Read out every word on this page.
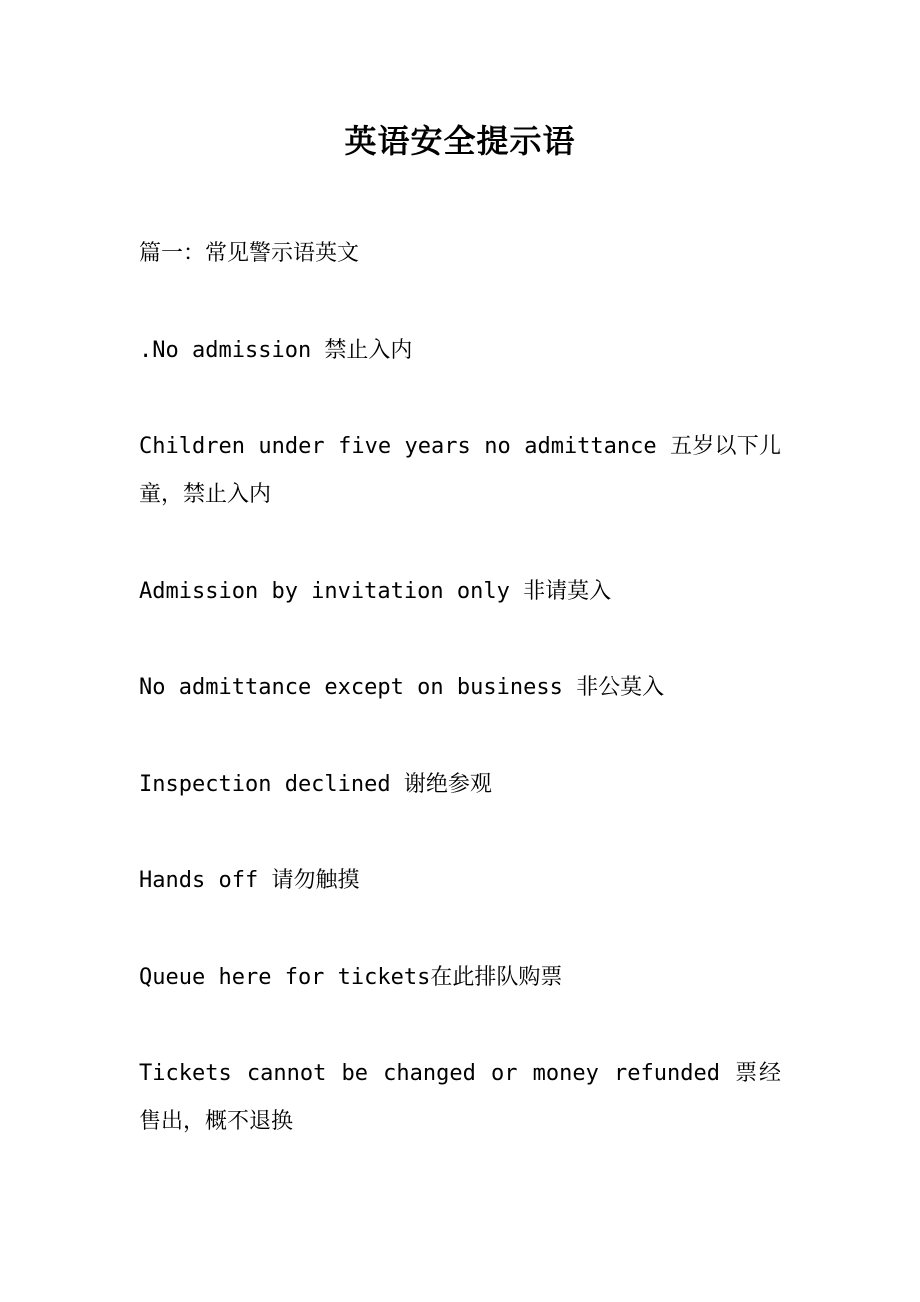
英语安全提示语

篇一：常见警示语英文

.No admission 禁止入内

Children under five years no admittance 五岁以下儿童，禁止入内

Admission by invitation only 非请莫入

No admittance except on business 非公莫入

Inspection declined 谢绝参观

Hands off 请勿触摸

Queue here for tickets在此排队购票

Tickets cannot be changed or money refunded 票经售出，概不退换
